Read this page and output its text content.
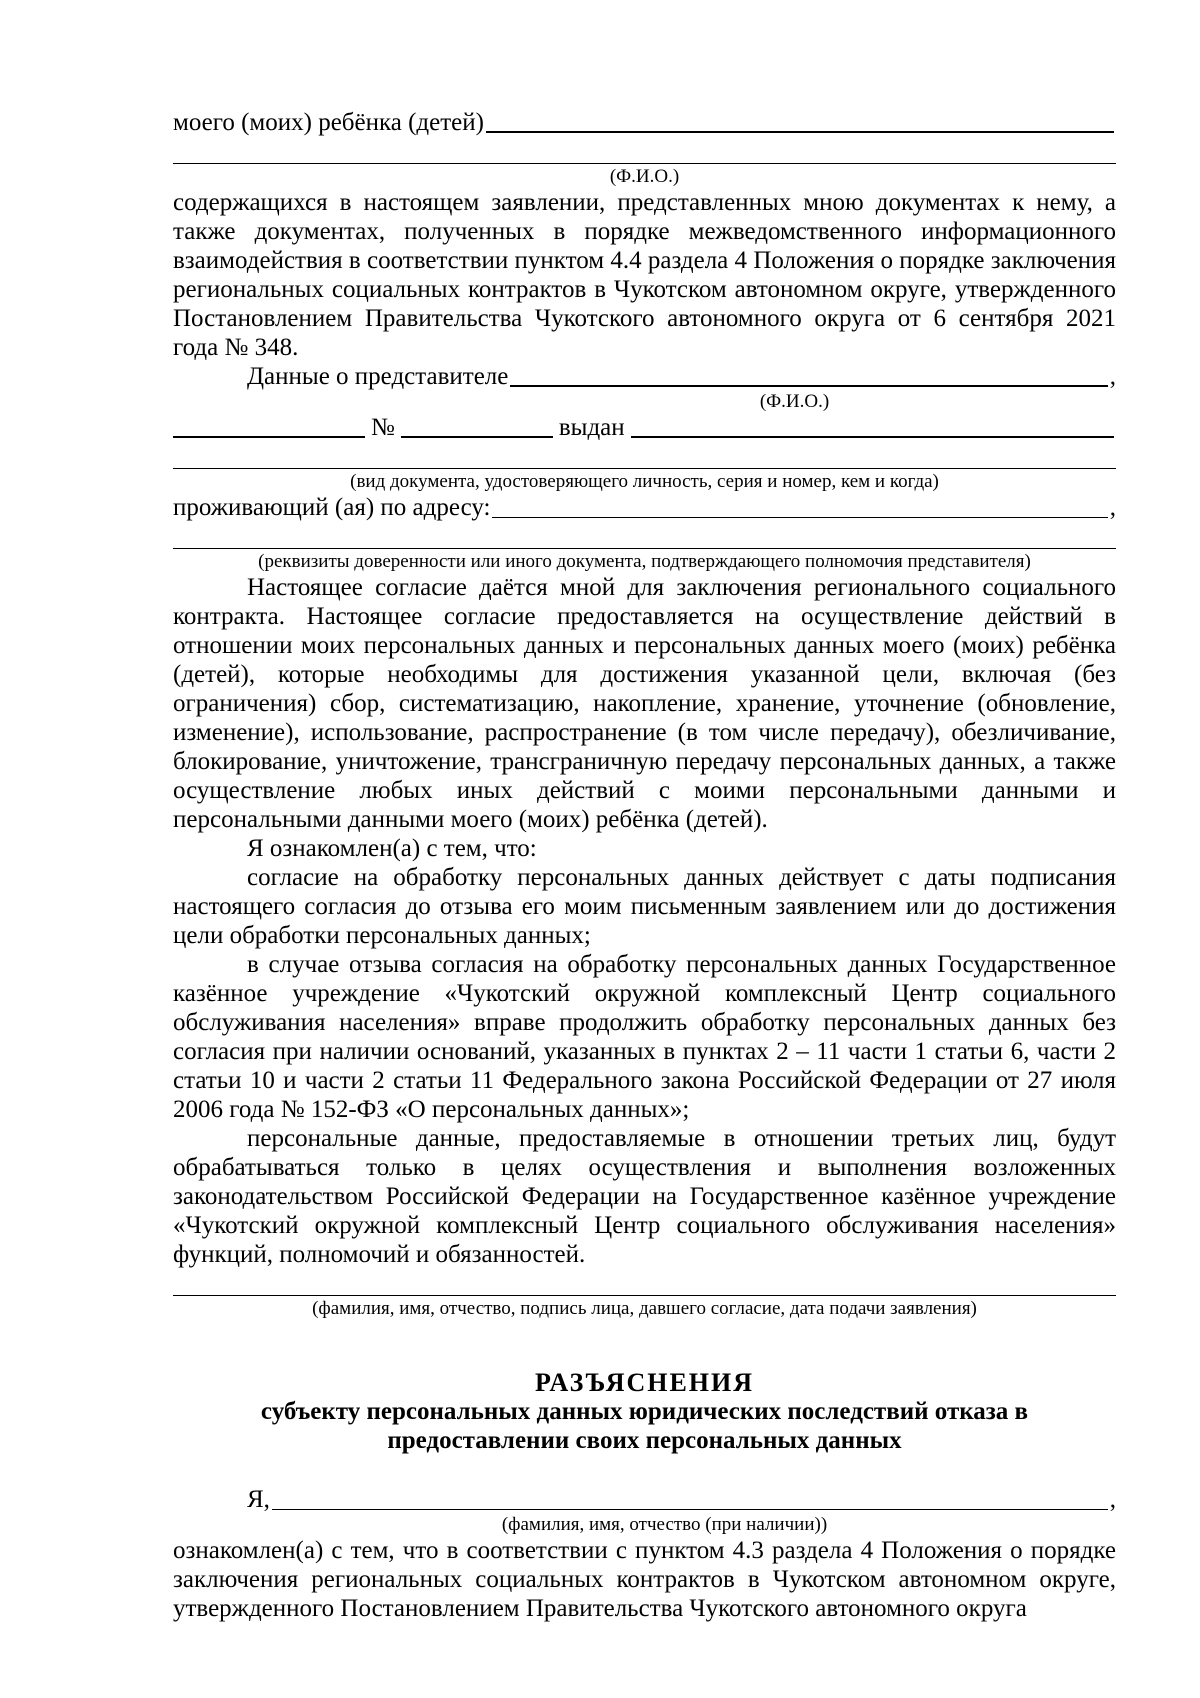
моего (моих) ребёнка (детей)
(Ф.И.О.)

содержащихся в настоящем заявлении, представленных мною документах к нему, а также документах, полученных в порядке межведомственного информационного взаимодействия в соответствии пунктом 4.4 раздела 4 Положения о порядке заключения региональных социальных контрактов в Чукотском автономном округе, утвержденного Постановлением Правительства Чукотского автономного округа от 6 сентября 2021 года № 348.

Данные о представителе	,
(Ф.И.О.)
№	выдан
(вид документа, удостоверяющего личность, серия и номер, кем и когда)
проживающий (ая) по адресу:	,
(реквизиты доверенности или иного документа, подтверждающего полномочия представителя)

Настоящее согласие даётся мной для заключения регионального социального контракта. Настоящее согласие предоставляется на осуществление действий в отношении моих персональных данных и персональных данных моего (моих) ребёнка (детей), которые необходимы для достижения указанной цели, включая (без ограничения) сбор, систематизацию, накопление, хранение, уточнение (обновление, изменение), использование, распространение (в том числе передачу), обезличивание, блокирование, уничтожение, трансграничную передачу персональных данных, а также осуществление любых иных действий с моими персональными данными и персональными данными моего (моих) ребёнка (детей).

Я ознакомлен(а) с тем, что:

согласие на обработку персональных данных действует с даты подписания настоящего согласия до отзыва его моим письменным заявлением или до достижения цели обработки персональных данных;

в случае отзыва согласия на обработку персональных данных Государственное казённое учреждение «Чукотский окружной комплексный Центр социального обслуживания населения» вправе продолжить обработку персональных данных без согласия при наличии оснований, указанных в пунктах 2 – 11 части 1 статьи 6, части 2 статьи 10 и части 2 статьи 11 Федерального закона Российской Федерации от 27 июля 2006 года № 152-ФЗ «О персональных данных»;

персональные данные, предоставляемые в отношении третьих лиц, будут обрабатываться только в целях осуществления и выполнения возложенных законодательством Российской Федерации на Государственное казённое учреждение «Чукотский окружной комплексный Центр социального обслуживания населения» функций, полномочий и обязанностей.

(фамилия, имя, отчество, подпись лица, давшего согласие, дата подачи заявления)
РАЗЪЯСНЕНИЯ
субъекту персональных данных юридических последствий отказа в предоставлении своих персональных данных
Я,	,
(фамилия, имя, отчество (при наличии))

ознакомлен(а) с тем, что в соответствии с пунктом 4.3 раздела 4 Положения о порядке заключения региональных социальных контрактов в Чукотском автономном округе, утвержденного Постановлением Правительства Чукотского автономного округа
